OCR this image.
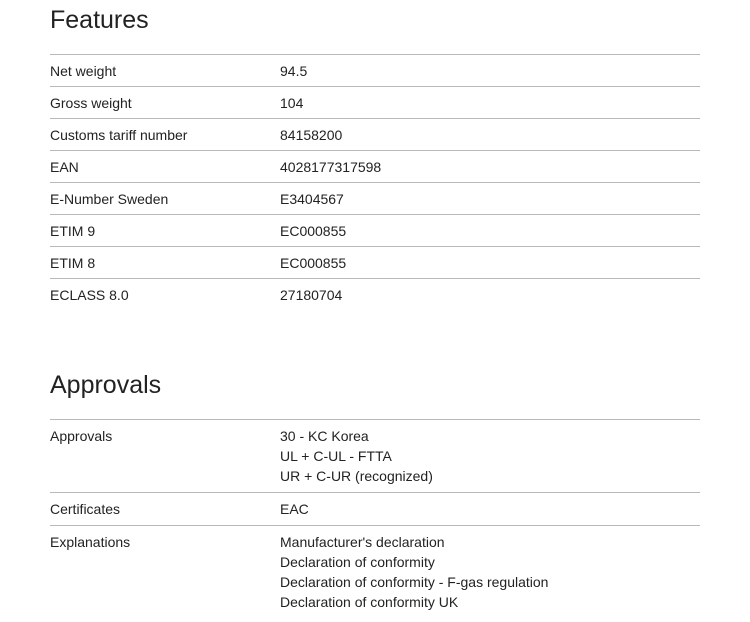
Features
Net weight	94.5
Gross weight	104
Customs tariff number	84158200
EAN	4028177317598
E-Number Sweden	E3404567
ETIM 9	EC000855
ETIM 8	EC000855
ECLASS 8.0	27180704
Approvals
Approvals	30 - KC Korea
UL + C-UL - FTTA
UR + C-UR (recognized)
Certificates	EAC
Explanations	Manufacturer's declaration
Declaration of conformity
Declaration of conformity - F-gas regulation
Declaration of conformity UK
